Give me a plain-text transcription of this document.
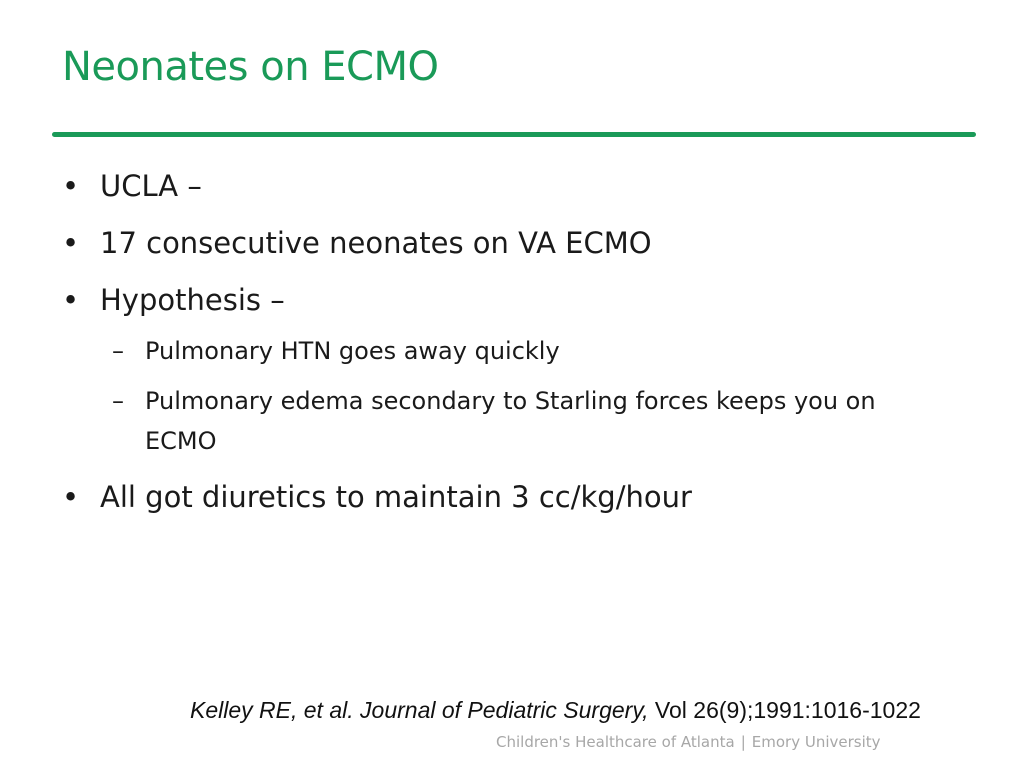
Neonates on ECMO
• UCLA –
• 17 consecutive neonates on VA ECMO
• Hypothesis –
– Pulmonary HTN goes away quickly
– Pulmonary edema secondary to Starling forces keeps you on ECMO
• All got diuretics to maintain 3 cc/kg/hour
Kelley RE, et al. Journal of Pediatric Surgery, Vol 26(9);1991:1016-1022
Children's Healthcare of Atlanta | Emory University
